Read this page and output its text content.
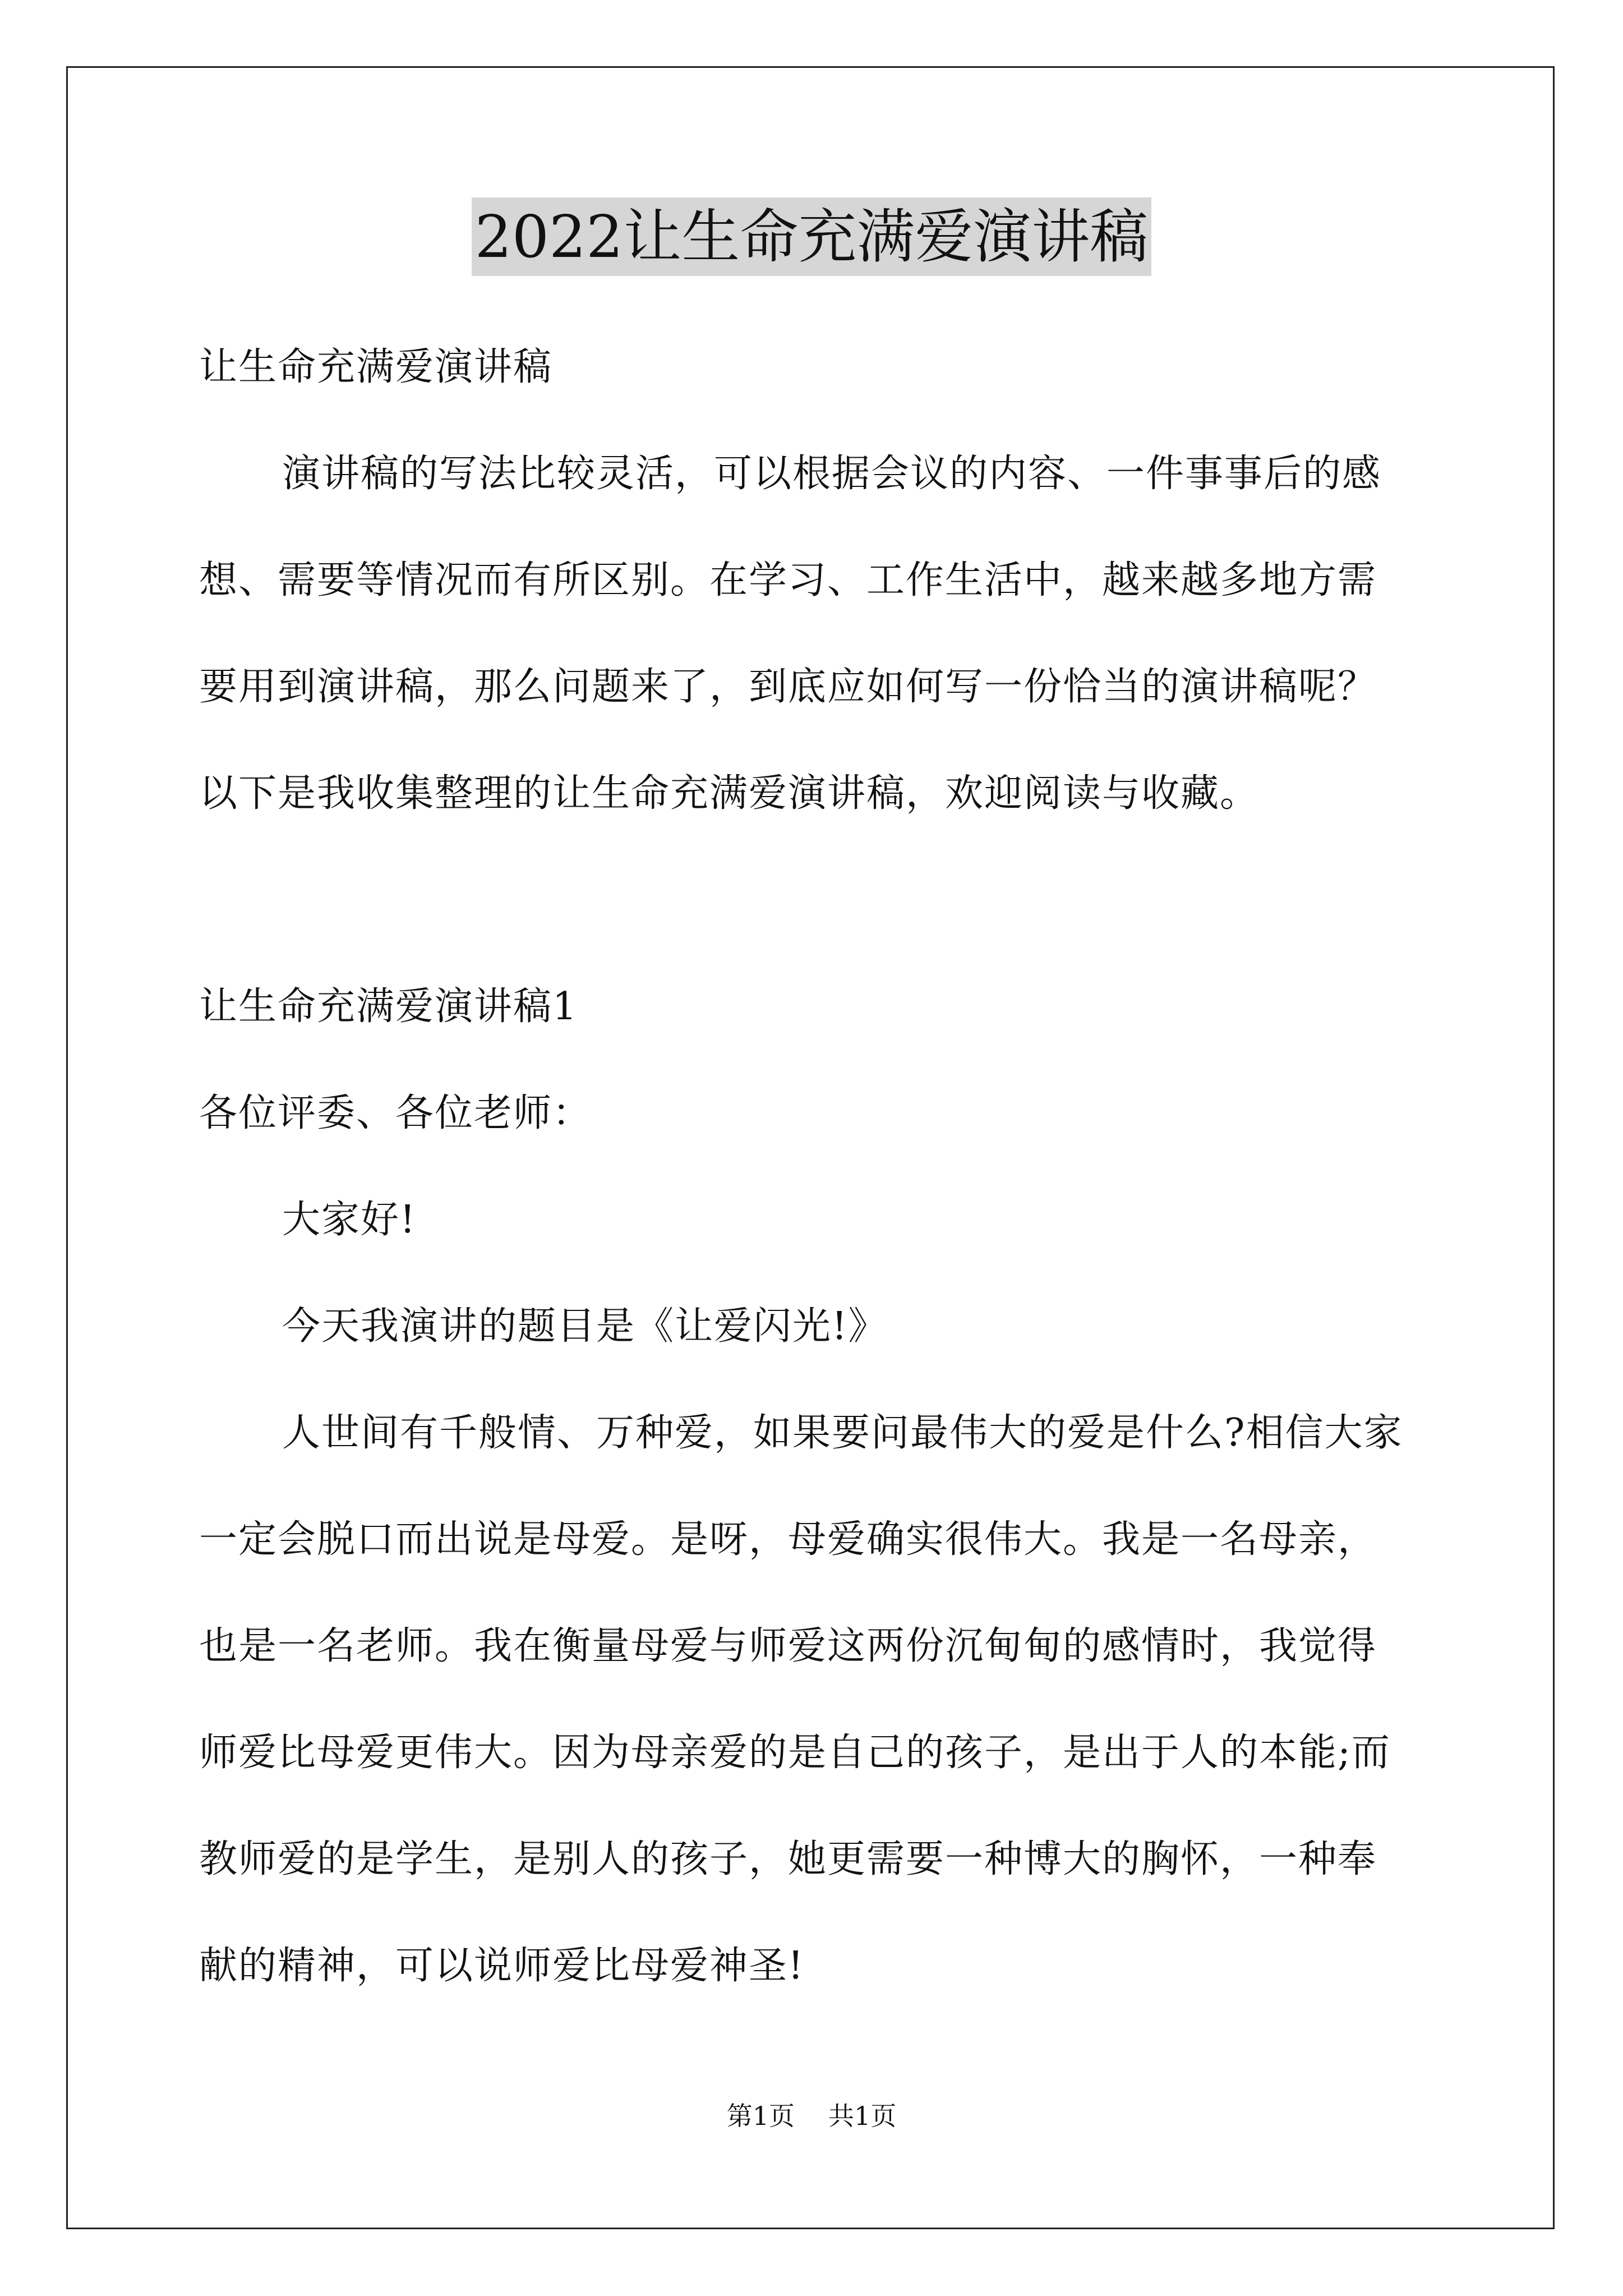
2022让生命充满爱演讲稿
让生命充满爱演讲稿
演讲稿的写法比较灵活，可以根据会议的内容、一件事事后的感
想、需要等情况而有所区别。在学习、工作生活中，越来越多地方需
要用到演讲稿，那么问题来了，到底应如何写一份恰当的演讲稿呢？
以下是我收集整理的让生命充满爱演讲稿，欢迎阅读与收藏。
让生命充满爱演讲稿1
各位评委、各位老师：
大家好!
今天我演讲的题目是《让爱闪光!》
人世间有千般情、万种爱，如果要问最伟大的爱是什么?相信大家
一定会脱口而出说是母爱。是呀，母爱确实很伟大。我是一名母亲，
也是一名老师。我在衡量母爱与师爱这两份沉甸甸的感情时，我觉得
师爱比母爱更伟大。因为母亲爱的是自己的孩子，是出于人的本能;而
教师爱的是学生，是别人的孩子，她更需要一种博大的胸怀，一种奉
献的精神，可以说师爱比母爱神圣!
第1页 共1页
